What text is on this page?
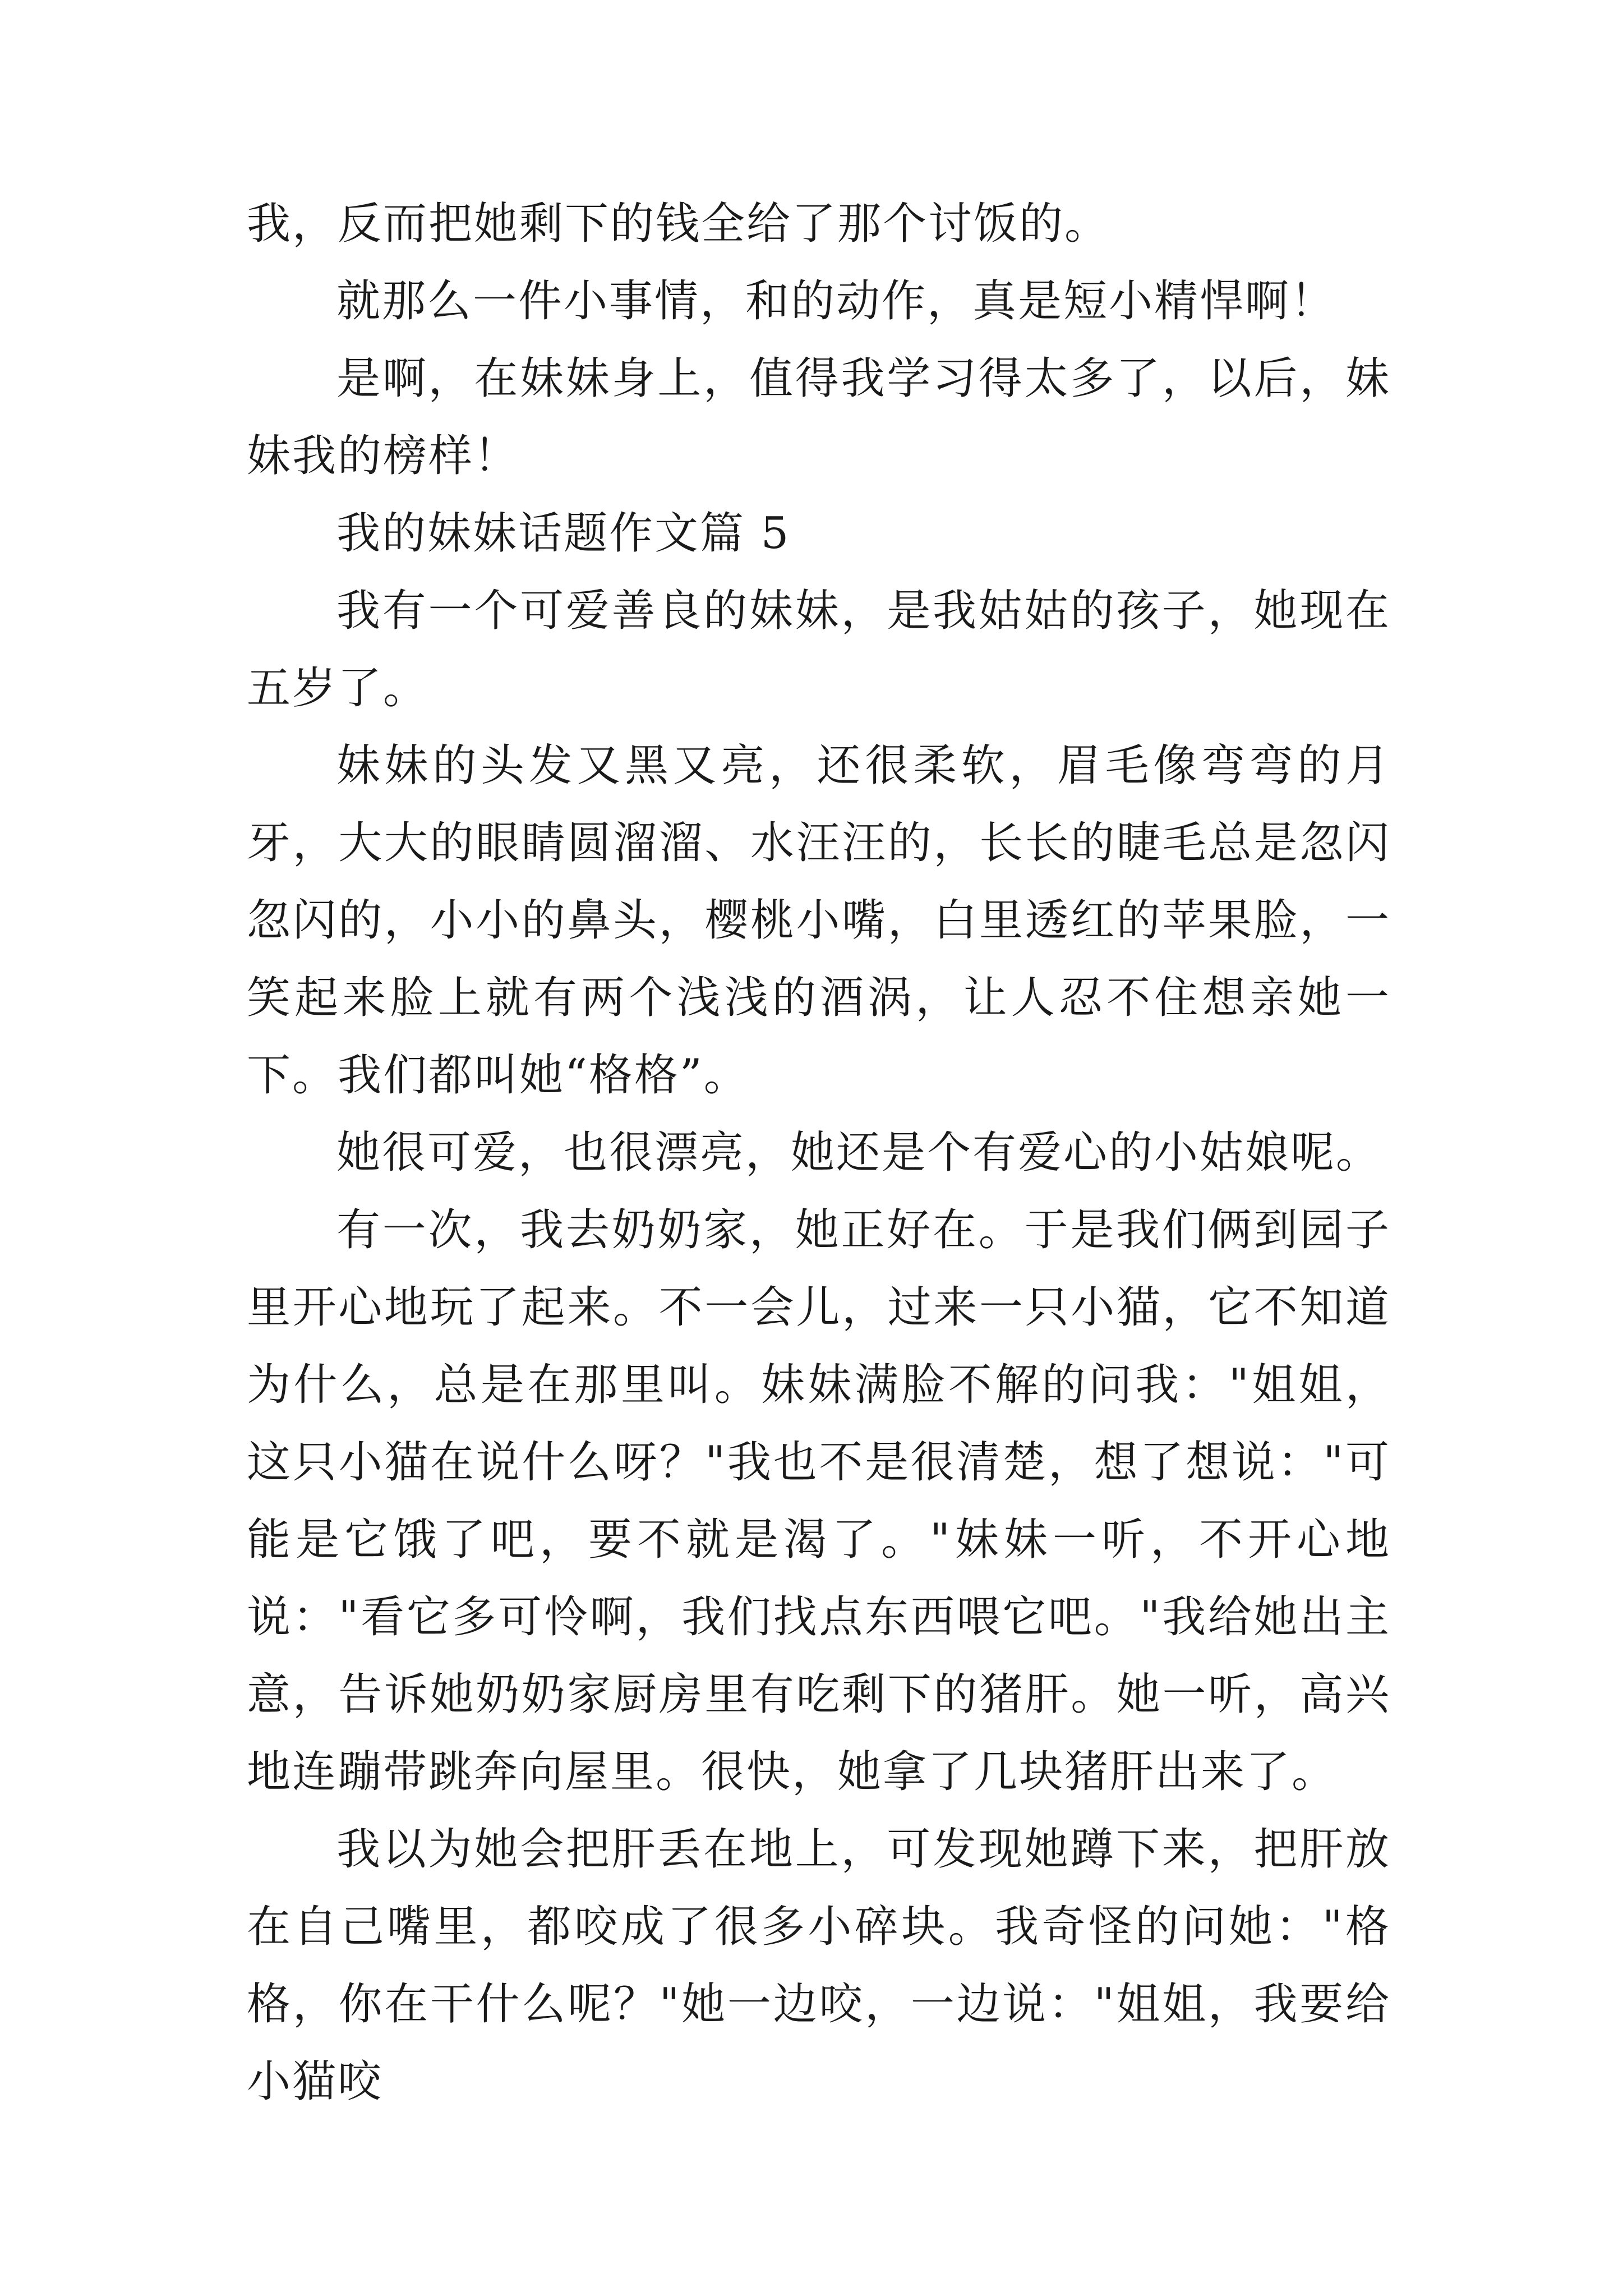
我，反而把她剩下的钱全给了那个讨饭的。

就那么一件小事情，和的动作，真是短小精悍啊！

是啊，在妹妹身上，值得我学习得太多了，以后，妹妹我的榜样！

我的妹妹话题作文篇 5

我有一个可爱善良的妹妹，是我姑姑的孩子，她现在五岁了。

妹妹的头发又黑又亮，还很柔软，眉毛像弯弯的月牙，大大的眼睛圆溜溜、水汪汪的，长长的睫毛总是忽闪忽闪的，小小的鼻头，樱桃小嘴，白里透红的苹果脸，一笑起来脸上就有两个浅浅的酒涡，让人忍不住想亲她一下。我们都叫她“格格”。

她很可爱，也很漂亮，她还是个有爱心的小姑娘呢。

有一次，我去奶奶家，她正好在。于是我们俩到园子里开心地玩了起来。不一会儿，过来一只小猫，它不知道为什么，总是在那里叫。妹妹满脸不解的问我："姐姐，这只小猫在说什么呀？"我也不是很清楚，想了想说："可能是它饿了吧，要不就是渴了。"妹妹一听，不开心地说："看它多可怜啊，我们找点东西喂它吧。"我给她出主意，告诉她奶奶家厨房里有吃剩下的猪肝。她一听，高兴地连蹦带跳奔向屋里。很快，她拿了几块猪肝出来了。

我以为她会把肝丢在地上，可发现她蹲下来，把肝放在自己嘴里，都咬成了很多小碎块。我奇怪的问她："格格，你在干什么呢？"她一边咬，一边说："姐姐，我要给小猫咬
